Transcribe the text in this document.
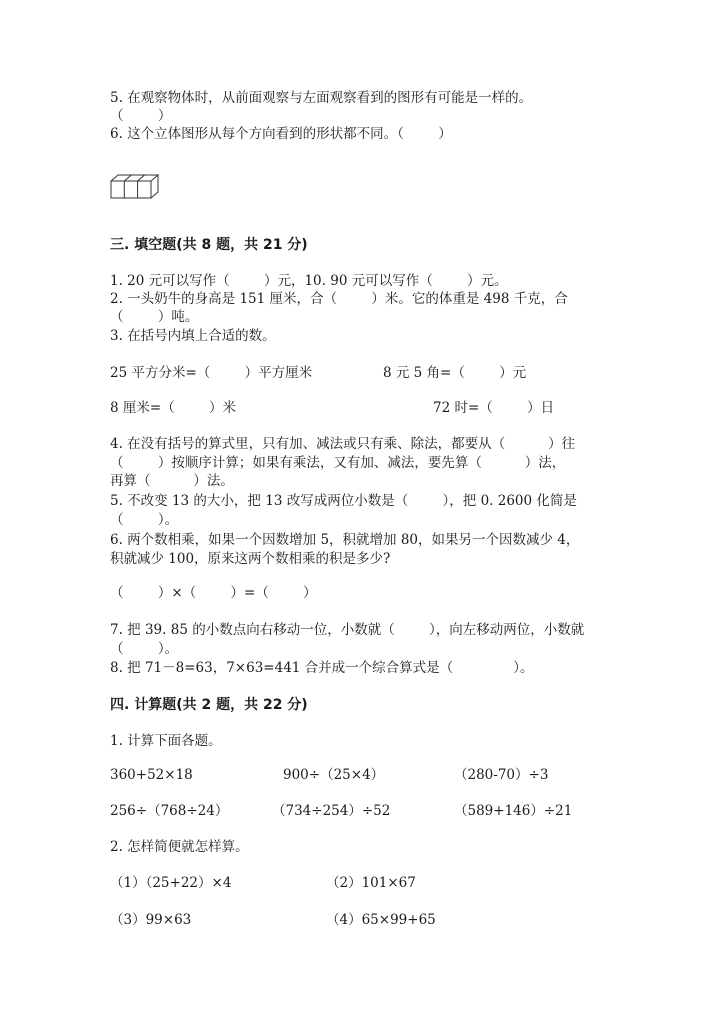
5. 在观察物体时，从前面观察与左面观察看到的图形有可能是一样的。
（        ）
6. 这个立体图形从每个方向看到的形状都不同。（        ）
三. 填空题(共 8 题，共 21 分)
1. 20 元可以写作（        ）元，10. 90 元可以写作（        ）元。
2. 一头奶牛的身高是 151 厘米，合（        ）米。它的体重是 498 千克，合
（        ）吨。
3. 在括号内填上合适的数。
25 平方分米=（        ）平方厘米	8 元 5 角=（        ）元
8 厘米=（        ）米	72 时=（        ）日
4. 在没有括号的算式里，只有加、减法或只有乘、除法，都要从（          ）往
（        ）按顺序计算；如果有乘法，又有加、减法，要先算（          ）法，
再算（          ）法。
5. 不改变 13 的大小，把 13 改写成两位小数是（        ），把 0. 2600 化简是
（        ）。
6. 两个数相乘，如果一个因数增加 5，积就增加 80，如果另一个因数减少 4，
积就减少 100，原来这两个数相乘的积是多少?
（        ）×（        ）=（        ）
7. 把 39. 85 的小数点向右移动一位，小数就（        ），向左移动两位，小数就
（        ）。
8. 把 71－8=63，7×63=441 合并成一个综合算式是（              ）。
四. 计算题(共 2 题，共 22 分)
1. 计算下面各题。
360+52×18	900÷（25×4）	（280-70）÷3
256÷（768÷24）	（734÷254）÷52	（589+146）÷21
2. 怎样简便就怎样算。
（1）（25+22）×4	（2）101×67
（3）99×63	（4）65×99+65
